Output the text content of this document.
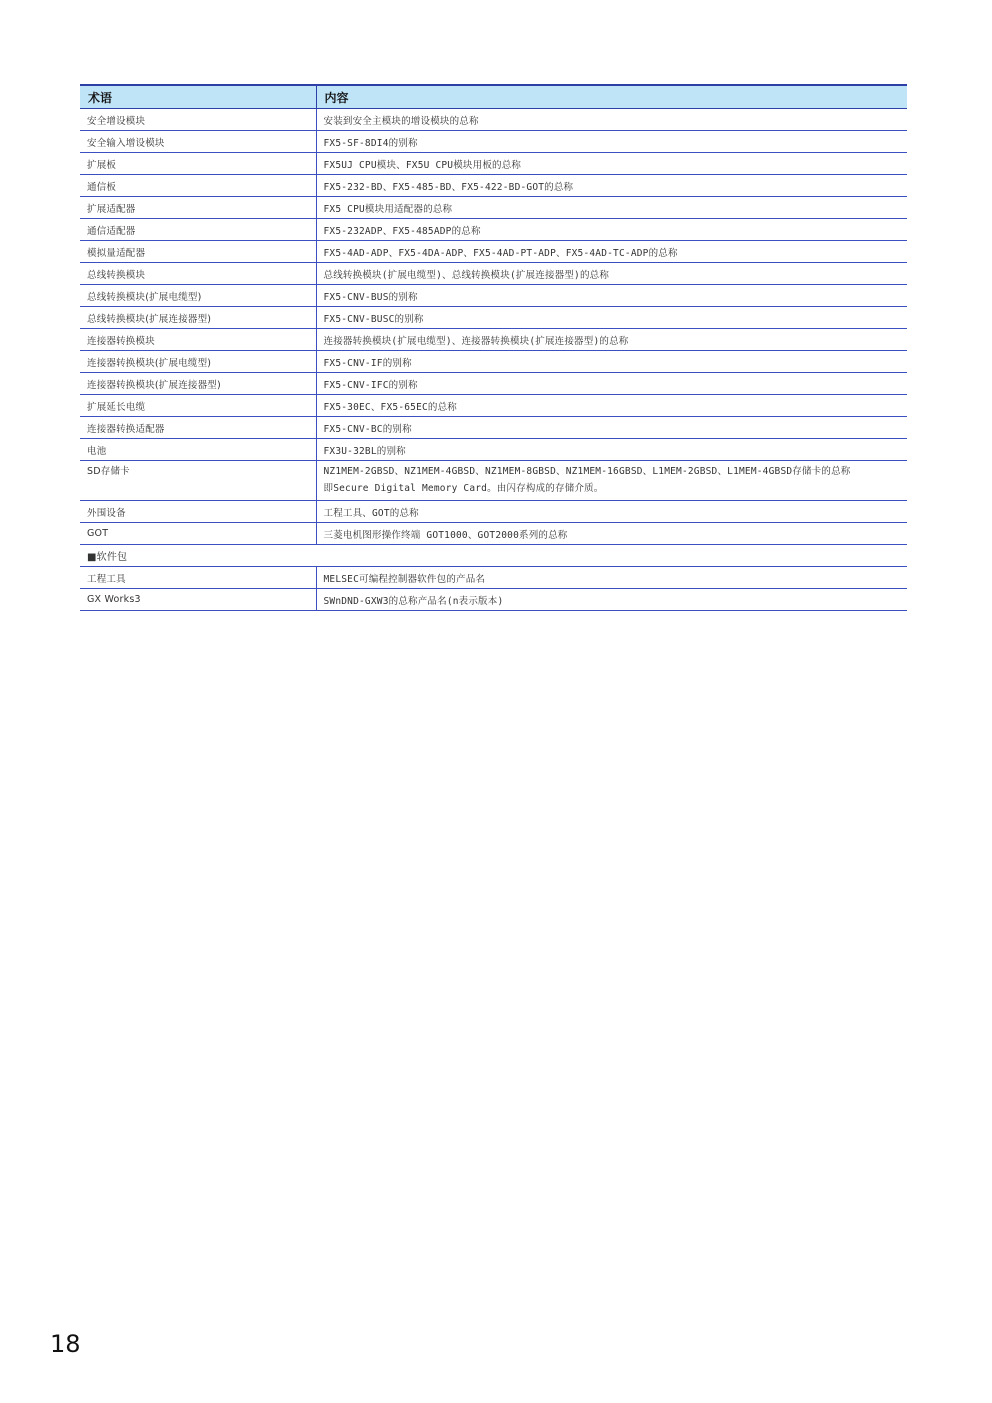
术语	内容
安全增设模块	安装到安全主模块的增设模块的总称
安全输入增设模块	FX5-SF-8DI4的别称
扩展板	FX5UJ CPU模块、FX5U CPU模块用板的总称
通信板	FX5-232-BD、FX5-485-BD、FX5-422-BD-GOT的总称
扩展适配器	FX5 CPU模块用适配器的总称
通信适配器	FX5-232ADP、FX5-485ADP的总称
模拟量适配器	FX5-4AD-ADP、FX5-4DA-ADP、FX5-4AD-PT-ADP、FX5-4AD-TC-ADP的总称
总线转换模块	总线转换模块(扩展电缆型)、总线转换模块(扩展连接器型)的总称
总线转换模块(扩展电缆型)	FX5-CNV-BUS的别称
总线转换模块(扩展连接器型)	FX5-CNV-BUSC的别称
连接器转换模块	连接器转换模块(扩展电缆型)、连接器转换模块(扩展连接器型)的总称
连接器转换模块(扩展电缆型)	FX5-CNV-IF的别称
连接器转换模块(扩展连接器型)	FX5-CNV-IFC的别称
扩展延长电缆	FX5-30EC、FX5-65EC的总称
连接器转换适配器	FX5-CNV-BC的别称
电池	FX3U-32BL的别称
SD存储卡	NZ1MEM-2GBSD、NZ1MEM-4GBSD、NZ1MEM-8GBSD、NZ1MEM-16GBSD、L1MEM-2GBSD、L1MEM-4GBSD存储卡的总称
即Secure Digital Memory Card。由闪存构成的存储介质。

外围设备	工程工具、GOT的总称
GOT	三菱电机图形操作终端 GOT1000、GOT2000系列的总称
■软件包	
工程工具	MELSEC可编程控制器软件包的产品名
GX Works3	SWnDND-GXW3的总称产品名(n表示版本)
18
